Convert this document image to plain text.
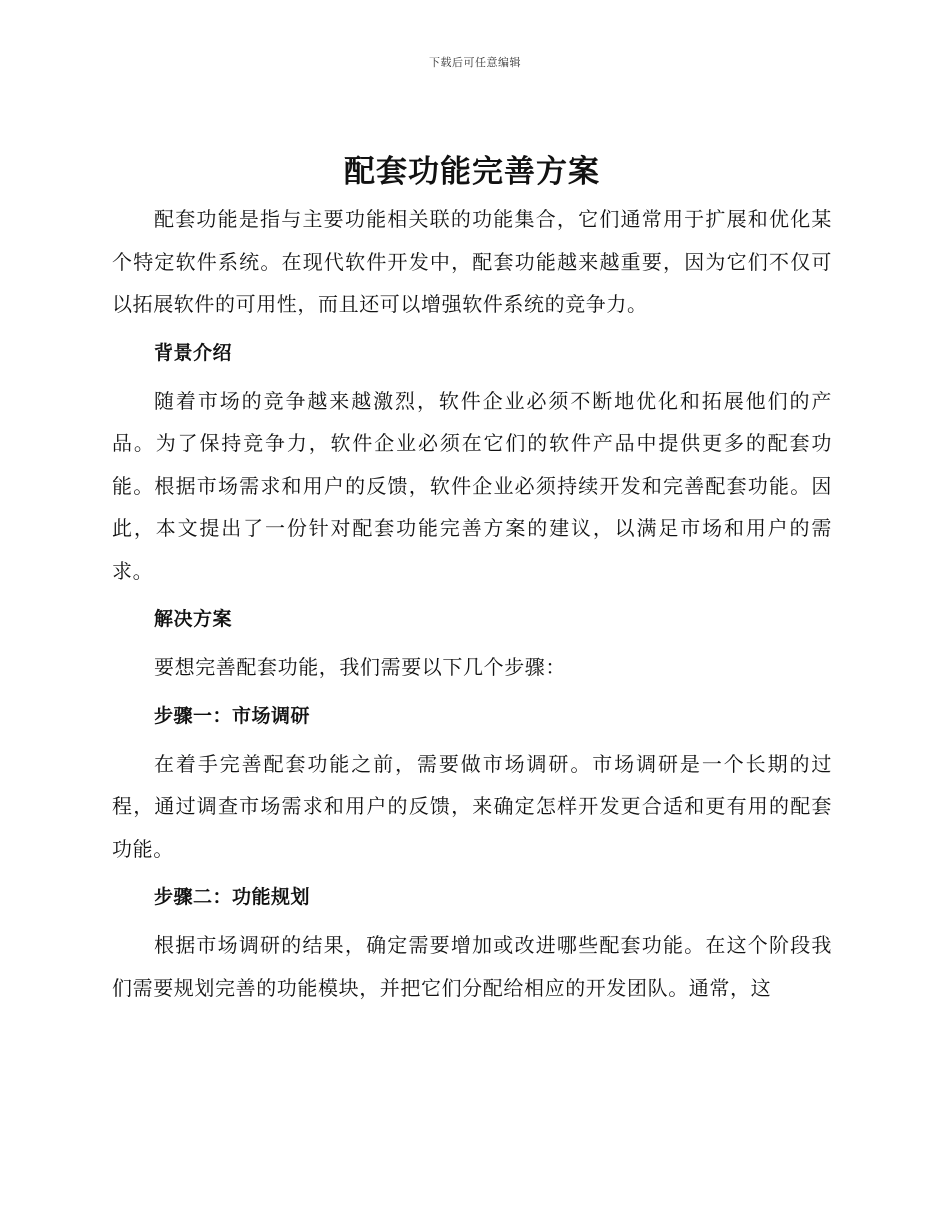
下载后可任意编辑
配套功能完善方案

配套功能是指与主要功能相关联的功能集合，它们通常用于扩展和优化某个特定软件系统。在现代软件开发中，配套功能越来越重要，因为它们不仅可以拓展软件的可用性，而且还可以增强软件系统的竞争力。

背景介绍

随着市场的竞争越来越激烈，软件企业必须不断地优化和拓展他们的产品。为了保持竞争力，软件企业必须在它们的软件产品中提供更多的配套功能。根据市场需求和用户的反馈，软件企业必须持续开发和完善配套功能。因此，本文提出了一份针对配套功能完善方案的建议，以满足市场和用户的需求。

解决方案

要想完善配套功能，我们需要以下几个步骤：

步骤一：市场调研

在着手完善配套功能之前，需要做市场调研。市场调研是一个长期的过程，通过调查市场需求和用户的反馈，来确定怎样开发更合适和更有用的配套功能。

步骤二：功能规划

根据市场调研的结果，确定需要增加或改进哪些配套功能。在这个阶段我们需要规划完善的功能模块，并把它们分配给相应的开发团队。通常，这
